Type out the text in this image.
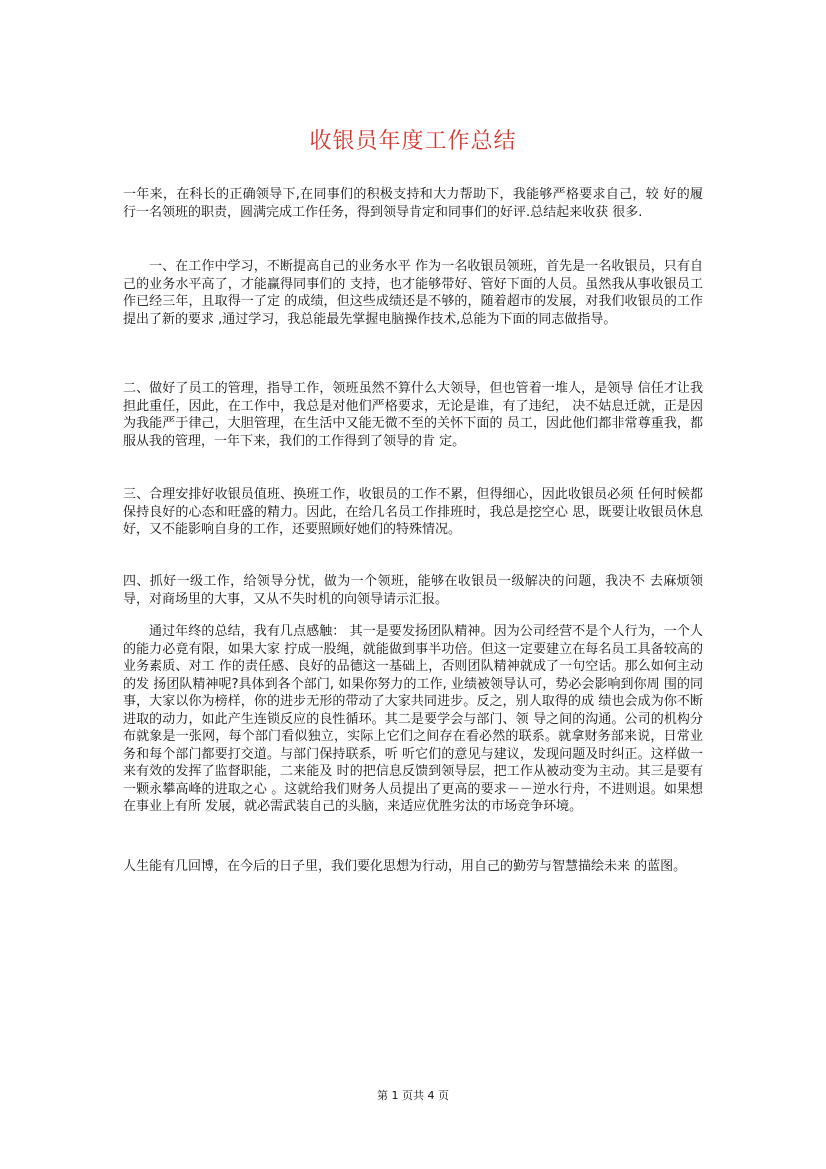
收银员年度工作总结

一年来，在科长的正确领导下,在同事们的积极支持和大力帮助下，我能够严格要求自己，较 好的履行一名领班的职责，圆满完成工作任务，得到领导肯定和同事们的好评.总结起来收获 很多.

一、在工作中学习，不断提高自己的业务水平 作为一名收银员领班，首先是一名收银员，只有自己的业务水平高了，才能赢得同事们的 支持，也才能够带好、管好下面的人员。虽然我从事收银员工作已经三年，且取得一了定 的成绩，但这些成绩还是不够的，随着超市的发展，对我们收银员的工作提出了新的要求 ,通过学习，我总能最先掌握电脑操作技术,总能为下面的同志做指导。

二、做好了员工的管理，指导工作，领班虽然不算什么大领导，但也管着一堆人，是领导 信任才让我担此重任，因此，在工作中，我总是对他们严格要求，无论是谁，有了违纪， 决不姑息迁就，正是因为我能严于律己，大胆管理，在生活中又能无微不至的关怀下面的 员工，因此他们都非常尊重我，都服从我的管理，一年下来，我们的工作得到了领导的肯 定。

三、合理安排好收银员值班、换班工作，收银员的工作不累，但得细心，因此收银员必须 任何时候都保持良好的心态和旺盛的精力。因此，在给几名员工作排班时，我总是挖空心 思，既要让收银员休息好，又不能影响自身的工作，还要照顾好她们的特殊情况。

四、抓好一级工作，给领导分忧，做为一个领班，能够在收银员一级解决的问题，我决不 去麻烦领导，对商场里的大事，又从不失时机的向领导请示汇报。

通过年终的总结，我有几点感触： 其一是要发扬团队精神。因为公司经营不是个人行为，一个人的能力必竟有限，如果大家 拧成一股绳，就能做到事半功倍。但这一定要建立在每名员工具备较高的业务素质、对工 作的责任感、良好的品德这一基础上，否则团队精神就成了一句空话。那么如何主动的发 扬团队精神呢?具体到各个部门, 如果你努力的工作, 业绩被领导认可，势必会影响到你周 围的同事，大家以你为榜样，你的进步无形的带动了大家共同进步。反之，别人取得的成 绩也会成为你不断进取的动力，如此产生连锁反应的良性循环。其二是要学会与部门、领 导之间的沟通。公司的机构分布就象是一张网，每个部门看似独立，实际上它们之间存在看必然的联系。就拿财务部来说，日常业务和每个部门都要打交道。与部门保持联系，听 听它们的意见与建议，发现问题及时纠正。这样做一来有效的发挥了监督职能，二来能及 时的把信息反馈到领导层，把工作从被动变为主动。其三是要有一颗永攀高峰的进取之心 。这就给我们财务人员提出了更高的要求－－逆水行舟，不进则退。如果想在事业上有所 发展，就必需武装自己的头脑，来适应优胜劣汰的市场竞争环境。

人生能有几回博，在今后的日子里，我们要化思想为行动，用自己的勤劳与智慧描绘未来 的蓝图。

第 1 页共 4 页
